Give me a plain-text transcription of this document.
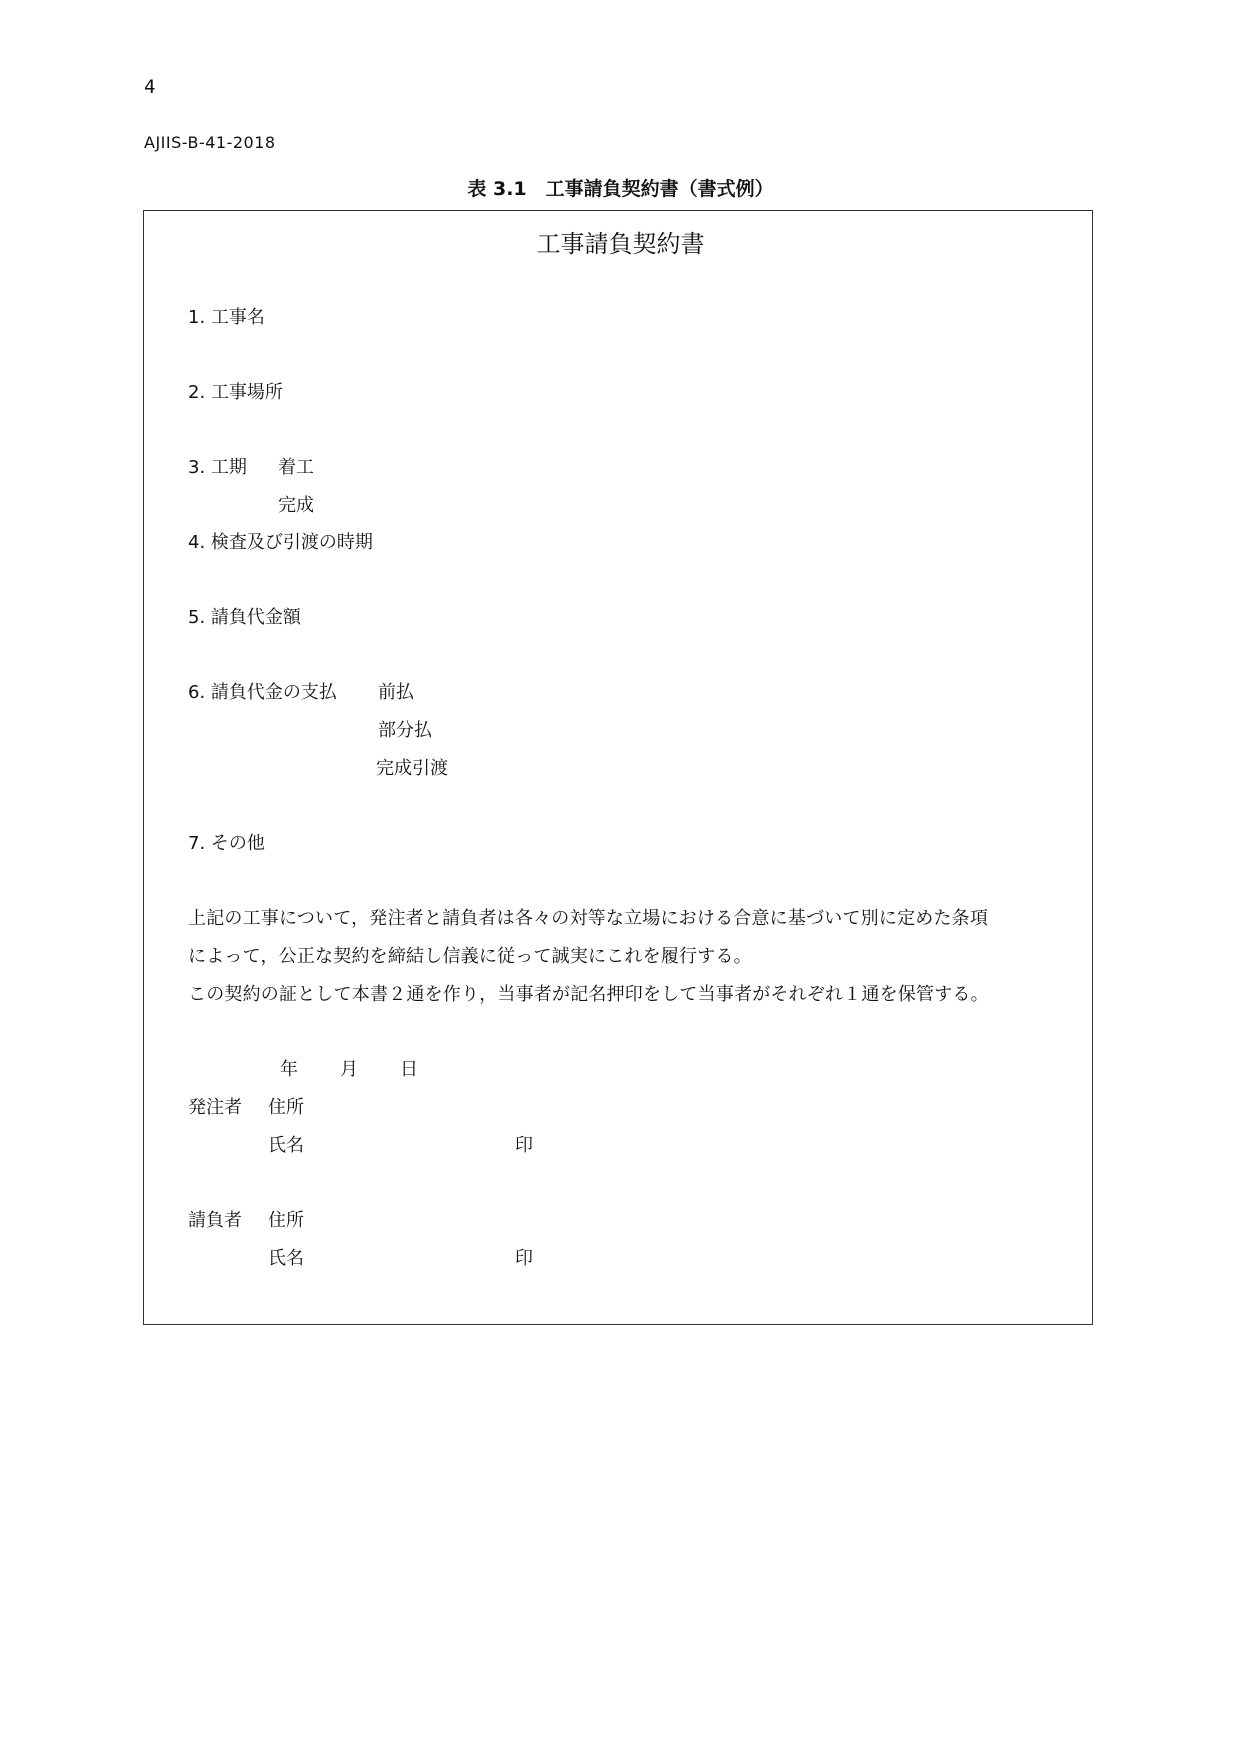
4
AJIIS-B-41-2018
表 3.1　工事請負契約書（書式例）
工事請負契約書
1. 工事名
2. 工事場所
3. 工期 着工
完成
4. 検査及び引渡の時期
5. 請負代金額
6. 請負代金の支払 前払
部分払
完成引渡
7. その他
上記の工事について，発注者と請負者は各々の対等な立場における合意に基づいて別に定めた条項
によって，公正な契約を締結し信義に従って誠実にこれを履行する。
この契約の証として本書２通を作り，当事者が記名押印をして当事者がそれぞれ１通を保管する。
年 月 日
発注者 住所
氏名	印
請負者 住所
氏名	印
